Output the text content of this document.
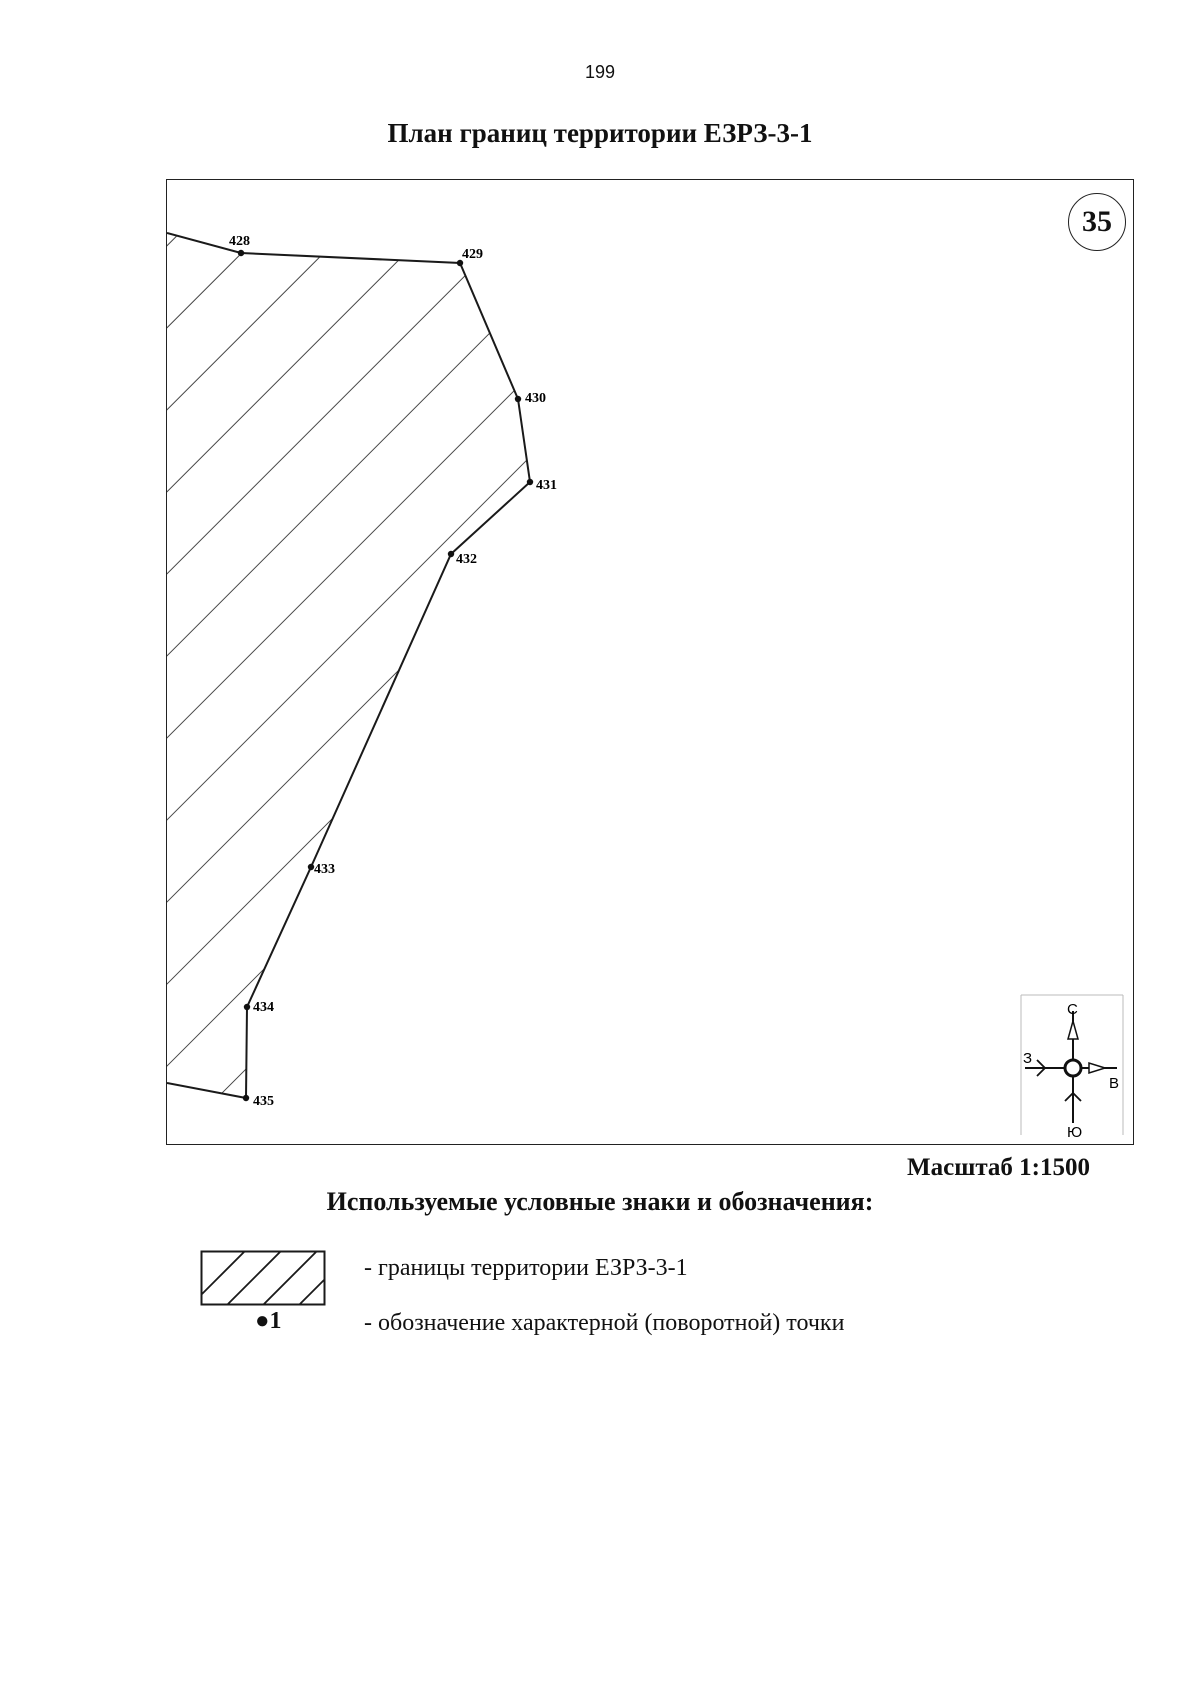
199
План границ территории ЕЗРЗ-3-1
428
429
430
431
432
433
434
435
С
В
З
Ю
35
Масштаб 1:1500
Используемые условные знаки и обозначения:
●1
- границы территории ЕЗРЗ-3-1
- обозначение характерной (поворотной) точки
